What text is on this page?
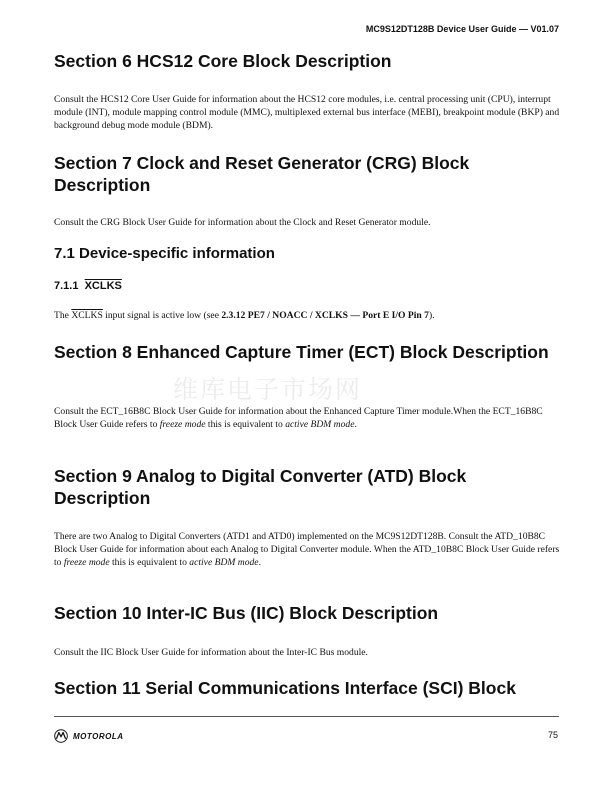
MC9S12DT128B Device User Guide — V01.07
Section 6 HCS12 Core Block Description

Consult the HCS12 Core User Guide for information about the HCS12 core modules, i.e. central processing unit (CPU), interrupt module (INT), module mapping control module (MMC), multiplexed external bus interface (MEBI), breakpoint module (BKP) and background debug mode module (BDM).

Section 7 Clock and Reset Generator (CRG) Block Description

Consult the CRG Block User Guide for information about the Clock and Reset Generator module.

7.1 Device-specific information
7.1.1 XCLKS

The XCLKS input signal is active low (see 2.3.12 PE7 / NOACC / XCLKS — Port E I/O Pin 7).

Section 8 Enhanced Capture Timer (ECT) Block Description
维库电子市场网

Consult the ECT_16B8C Block User Guide for information about the Enhanced Capture Timer module.When the ECT_16B8C Block User Guide refers to freeze mode this is equivalent to active BDM mode.

Section 9 Analog to Digital Converter (ATD) Block Description

There are two Analog to Digital Converters (ATD1 and ATD0) implemented on the MC9S12DT128B. Consult the ATD_10B8C Block User Guide for information about each Analog to Digital Converter module. When the ATD_10B8C Block User Guide refers to freeze mode this is equivalent to active BDM mode.

Section 10 Inter-IC Bus (IIC) Block Description

Consult the IIC Block User Guide for information about the Inter-IC Bus module.

Section 11 Serial Communications Interface (SCI) Block
MOTOROLA	75
